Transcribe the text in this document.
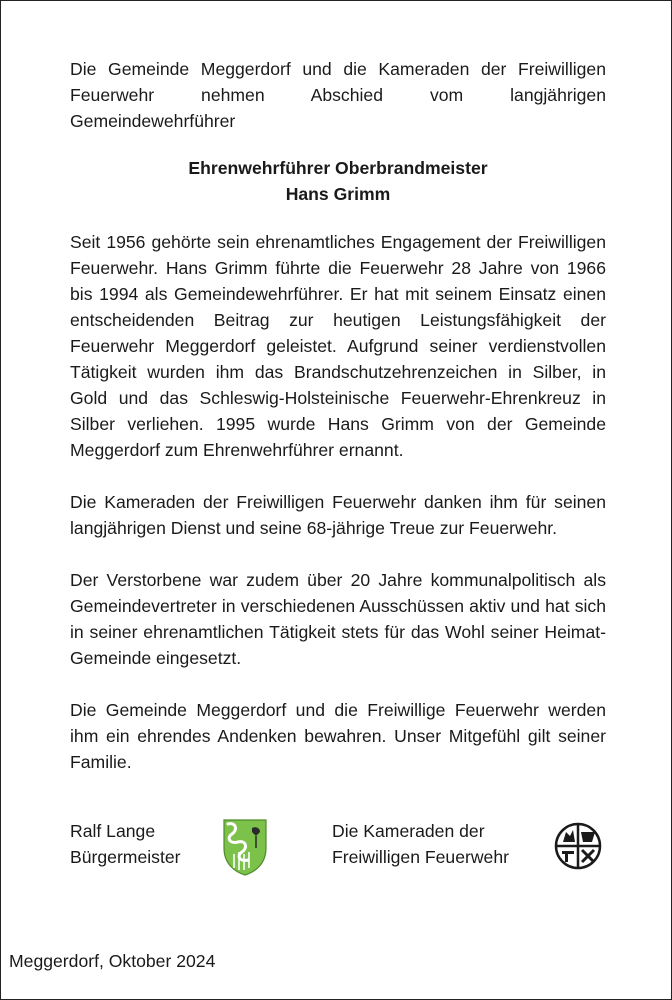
Die Gemeinde Meggerdorf und die Kameraden der Freiwilligen Feuerwehr nehmen Abschied vom langjährigen Gemeindewehrführer

Ehrenwehrführer Oberbrandmeister
Hans Grimm

Seit 1956 gehörte sein ehrenamtliches Engagement der Freiwilligen Feuerwehr. Hans Grimm führte die Feuerwehr 28 Jahre von 1966 bis 1994 als Gemeindewehrführer. Er hat mit seinem Einsatz einen entscheidenden Beitrag zur heutigen Leistungsfähigkeit der Feuerwehr Meggerdorf geleistet. Aufgrund seiner verdienstvollen Tätigkeit wurden ihm das Brandschutzehrenzeichen in Silber, in Gold und das Schleswig-Holsteinische Feuerwehr-Ehrenkreuz in Silber verliehen. 1995 wurde Hans Grimm von der Gemeinde Meggerdorf zum Ehrenwehrführer ernannt.

Die Kameraden der Freiwilligen Feuerwehr danken ihm für seinen langjährigen Dienst und seine 68-jährige Treue zur Feuerwehr.

Der Verstorbene war zudem über 20 Jahre kommunalpolitisch als Gemeindevertreter in verschiedenen Ausschüssen aktiv und hat sich in seiner ehrenamtlichen Tätigkeit stets für das Wohl seiner Heimat-Gemeinde eingesetzt.

Die Gemeinde Meggerdorf und die Freiwillige Feuerwehr werden ihm ein ehrendes Andenken bewahren. Unser Mitgefühl gilt seiner Familie.

Ralf Lange
Bürgermeister
Die Kameraden der
Freiwilligen Feuerwehr
Meggerdorf, Oktober 2024
